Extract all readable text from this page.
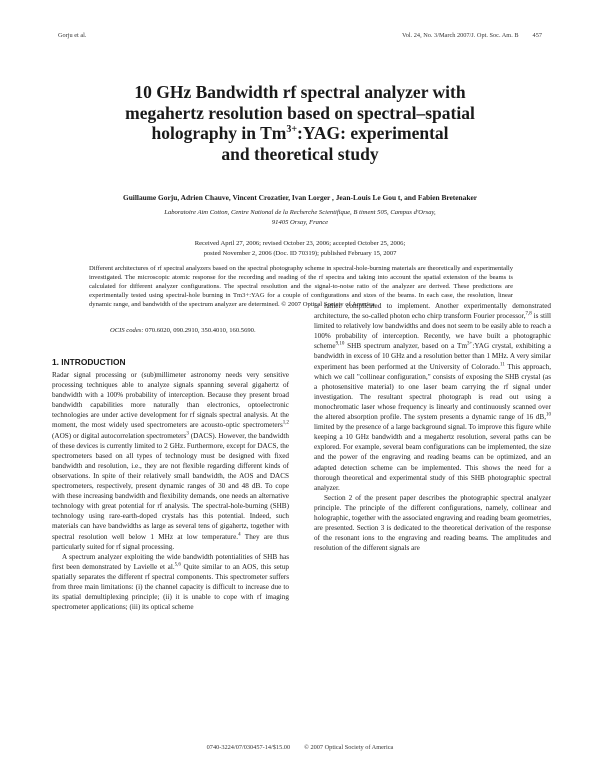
Gorju et al.	Vol. 24, No. 3/March 2007/J. Opt. Soc. Am. B 457
10 GHz Bandwidth rf spectral analyzer with
megahertz resolution based on spectral–spatial
holography in $Tm^{3+}:YAG$: experimental
and theoretical study
Guillaume Gorju, Adrien Chauve, Vincent Crozatier, Ivan Lorger , Jean-Louis Le Gou t, and Fabien Bretenaker
Laboratoire Aim Cotton, Centre National de la Recherche Scientifique, B timent 505, Campus d'Orsay,
91405 Orsay, France
Received April 27, 2006; revised October 23, 2006; accepted October 25, 2006;
posted November 2, 2006 (Doc. ID 70319); published February 15, 2007

Different architectures of rf spectral analyzers based on the spectral photography scheme in spectral-hole-burning materials are theoretically and experimentally investigated. The microscopic atomic response for the recording and reading of the rf spectra and taking into account the spatial extension of the beams is calculated for different analyzer configurations. The spectral resolution and the signal-to-noise ratio of the analyzer are derived. These predictions are experimentally tested using spectral-hole burning in Tm3+:YAG for a couple of configurations and sizes of the beams. In each case, the resolution, linear dynamic range, and bandwidth of the spectrum analyzer are determined. © 2007 Optical Society of America

OCIS codes: 070.6020, 090.2910, 350.4010, 160.5690.
1. INTRODUCTION

Radar signal processing or (sub)millimeter astronomy needs very sensitive processing techniques able to analyze signals spanning several gigahertz of bandwidth with a 100% probability of interception. Because they present broad bandwidth capabilities more naturally than electronics, optoelectronic technologies are under active development for rf signals spectral analysis. At the moment, the most widely used spectrometers are acousto-optic spectrometers$^{1,2}$ (AOS) or digital autocorrelation spectrometers$^3$ (DACS). However, the bandwidth of these devices is currently limited to 2 GHz. Furthermore, except for DACS, the spectrometers based on all types of technology must be designed with fixed bandwidth and resolution, i.e., they are not flexible regarding different kinds of observations. In spite of their relatively small bandwidth, the AOS and DACS spectrometers, respectively, present dynamic ranges of 30 and 48 dB. To cope with these increasing bandwidth and flexibility demands, one needs an alternative technology with great potential for rf analysis. The spectral-hole-burning (SHB) technology using rare-earth-doped crystals has this potential. Indeed, such materials can have bandwidths as large as several tens of gigahertz, together with spectral resolution well below 1 MHz at low temperature.$^4$ They are thus particularly suited for rf signal processing.

A spectrum analyzer exploiting the wide bandwidth potentialities of SHB has first been demonstrated by Lavielle et al.$^{5,6}$ Quite similar to an AOS, this setup spatially separates the different rf spectral components. This spectrometer suffers from three main limitations: (i) the channel capacity is difficult to increase due to its spatial demultiplexing principle; (ii) it is unable to cope with rf imaging spectrometer applications; (iii) its optical scheme

is rather complicated to implement. Another experimentally demonstrated architecture, the so-called photon echo chirp transform Fourier processor,$^{7,8}$ is still limited to relatively low bandwidths and does not seem to be easily able to reach a 100% probability of interception. Recently, we have built a photographic scheme$^{9,10}$ SHB spectrum analyzer, based on a $Tm^{3+}:YAG$ crystal, exhibiting a bandwidth in excess of 10 GHz and a resolution better than 1 MHz. A very similar experiment has been performed at the University of Colorado.$^{11}$ This approach, which we call "collinear configuration," consists of exposing the SHB crystal (as a photosensitive material) to one laser beam carrying the rf signal under investigation. The resultant spectral photograph is read out using a monochromatic laser whose frequency is linearly and continuously scanned over the altered absorption profile. The system presents a dynamic range of 16 dB,$^{10}$ limited by the presence of a large background signal. To improve this figure while keeping a 10 GHz bandwidth and a megahertz resolution, several paths can be explored. For example, several beam configurations can be implemented, the size and the power of the engraving and reading beams can be optimized, and an adapted detection scheme can be implemented. This shows the need for a thorough theoretical and experimental study of this SHB photographic spectral analyzer.

Section 2 of the present paper describes the photographic spectral analyzer principle. The principle of the different configurations, namely, collinear and holographic, together with the associated engraving and reading beam geometries, are presented. Section 3 is dedicated to the theoretical derivation of the response of the resonant ions to the engraving and reading beams. The amplitudes and resolution of the different signals are

0740-3224/07/030457-14/$15.00 © 2007 Optical Society of America
